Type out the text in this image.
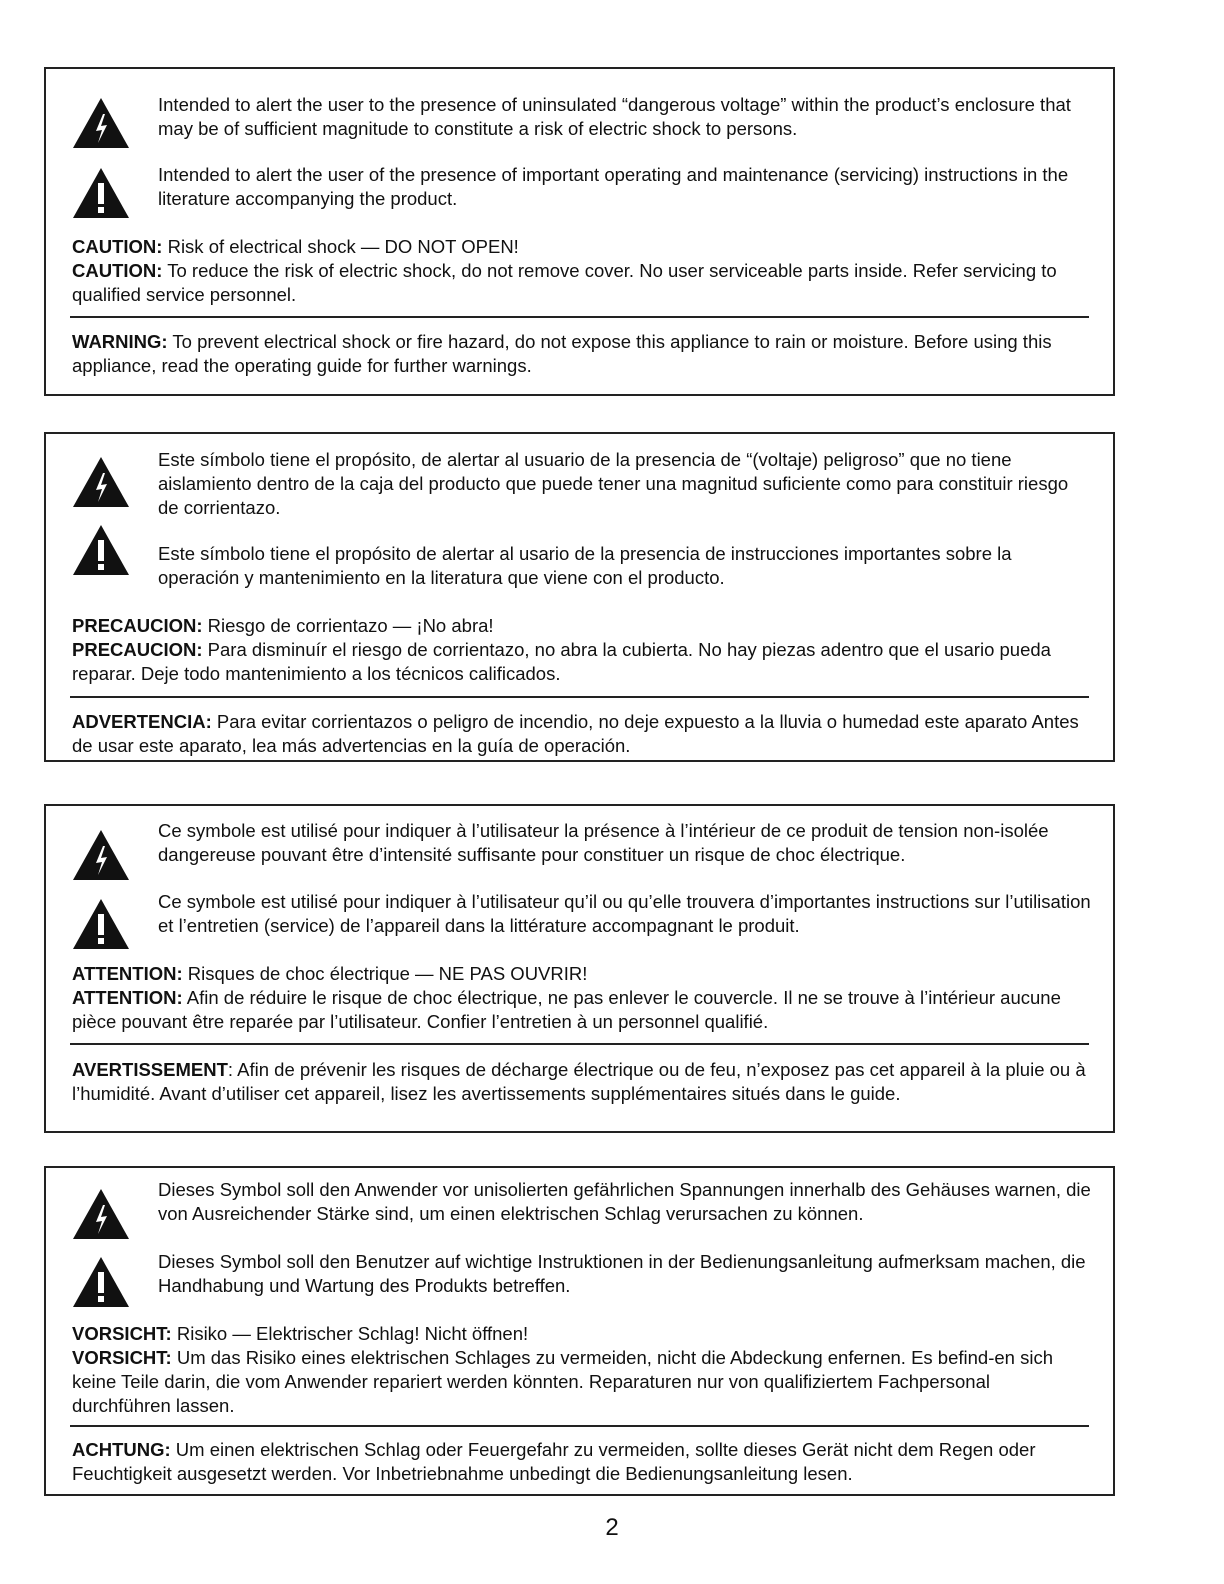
Intended to alert the user to the presence of uninsulated “dangerous voltage” within the product’s enclosure that may be of sufficient magnitude to constitute a risk of electric shock to persons.
Intended to alert the user of the presence of important operating and maintenance (servicing) instructions in the literature accompanying the product.
CAUTION: Risk of electrical shock — DO NOT OPEN!
CAUTION: To reduce the risk of electric shock, do not remove cover. No user serviceable parts inside. Refer servicing to qualified service personnel.
WARNING: To prevent electrical shock or fire hazard, do not expose this appliance to rain or moisture. Before using this appliance, read the operating guide for further warnings.
Este símbolo tiene el propósito, de alertar al usuario de la presencia de “(voltaje) peligroso” que no tiene aislamiento dentro de la caja del producto que puede tener una magnitud suficiente como para constituir riesgo de corrientazo.
Este símbolo tiene el propósito de alertar al usario de la presencia de instrucciones importantes sobre la operación y mantenimiento en la literatura que viene con el producto.
PRECAUCION: Riesgo de corrientazo — ¡No abra!
PRECAUCION: Para disminuír el riesgo de corrientazo, no abra la cubierta. No hay piezas adentro que el usario pueda reparar. Deje todo mantenimiento a los técnicos calificados.
ADVERTENCIA: Para evitar corrientazos o peligro de incendio, no deje expuesto a la lluvia o humedad este aparato Antes de usar este aparato, lea más advertencias en la guía de operación.
Ce symbole est utilisé pour indiquer à l’utilisateur la présence à l’intérieur de ce produit de tension non-isolée dangereuse pouvant être d’intensité suffisante pour constituer un risque de choc électrique.
Ce symbole est utilisé pour indiquer à l’utilisateur qu’il ou qu’elle trouvera d’importantes instructions sur l’utilisation et l’entretien (service) de l’appareil dans la littérature accompagnant le produit.
ATTENTION: Risques de choc électrique — NE PAS OUVRIR!
ATTENTION: Afin de réduire le risque de choc électrique, ne pas enlever le couvercle. Il ne se trouve à l’intérieur aucune pièce pouvant être reparée par l’utilisateur. Confier l’entretien à un personnel qualifié.
AVERTISSEMENT: Afin de prévenir les risques de décharge électrique ou de feu, n’exposez pas cet appareil à la pluie ou à l’humidité. Avant d’utiliser cet appareil, lisez les avertissements supplémentaires situés dans le guide.
Dieses Symbol soll den Anwender vor unisolierten gefährlichen Spannungen innerhalb des Gehäuses warnen, die von Ausreichender Stärke sind, um einen elektrischen Schlag verursachen zu können.
Dieses Symbol soll den Benutzer auf wichtige Instruktionen in der Bedienungsanleitung aufmerksam machen, die Handhabung und Wartung des Produkts betreffen.
VORSICHT: Risiko — Elektrischer Schlag! Nicht öffnen!
VORSICHT: Um das Risiko eines elektrischen Schlages zu vermeiden, nicht die Abdeckung enfernen. Es befind-en sich keine Teile darin, die vom Anwender repariert werden könnten. Reparaturen nur von qualifiziertem Fachpersonal durchführen lassen.
ACHTUNG: Um einen elektrischen Schlag oder Feuergefahr zu vermeiden, sollte dieses Gerät nicht dem Regen oder Feuchtigkeit ausgesetzt werden. Vor Inbetriebnahme unbedingt die Bedienungsanleitung lesen.
2
